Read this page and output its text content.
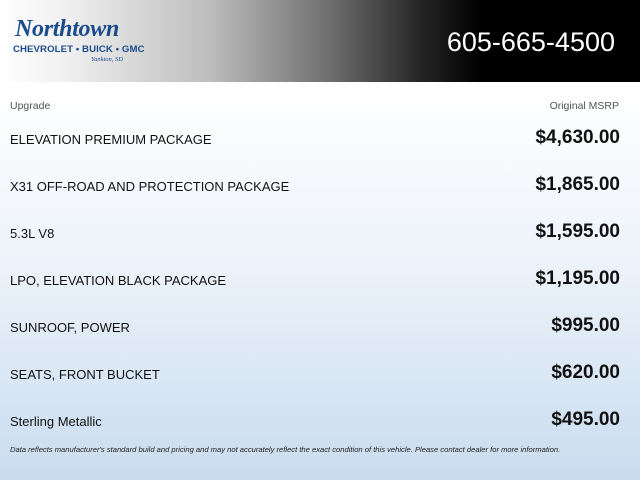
Northtown
CHEVROLET • BUICK • GMC
Yankton, SD
605-665-4500
Upgrade	Original MSRP
ELEVATION PREMIUM PACKAGE	$4,630.00
X31 OFF-ROAD AND PROTECTION PACKAGE	$1,865.00
5.3L V8	$1,595.00
LPO, ELEVATION BLACK PACKAGE	$1,195.00
SUNROOF, POWER	$995.00
SEATS, FRONT BUCKET	$620.00
Sterling Metallic	$495.00
Data reflects manufacturer's standard build and pricing and may not accurately reflect the exact condition of this vehicle. Please contact dealer for more information.
